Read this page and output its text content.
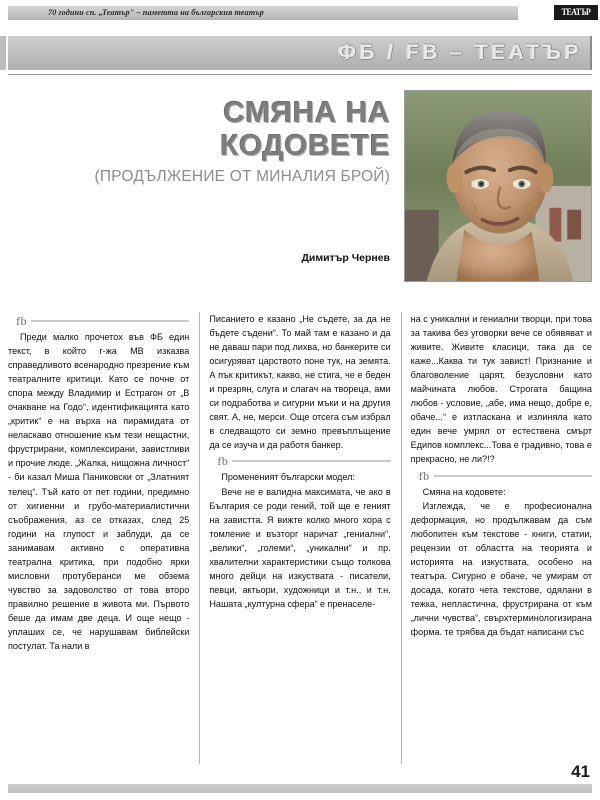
70 години сп. „Театър" – паметта на българския театър	ТЕАТЪР
ФБ / FB – ТЕАТЪР
СМЯНА НА
КОДОВЕТЕ
(ПРОДЪЛЖЕНИЕ ОТ МИНАЛИЯ БРОЙ)
Димитър Чернев
fb

Преди малко прочетох във ФБ един текст, в който г-жа МВ изказва справедливото всенародно презрение към театралните критици. Като се почне от спора между Владимир и Естрагон от „В очакване на Годо“, идентификацията като „критик“ е на върха на пирамидата от неласкаво отношение към тези нещастни, фрустрирани, комплексирани, завистливи и прочие люде. „Жалка, нищожна личност“ - би казал Миша Паниковски от „Златният телец“. Тъй като от пет години, предимно от хигиенни и грубо-материалистични съображения, аз се отказах, след 25 години на глупост и заблуди, да се занимавам активно с оперативна театрална критика, при подобно ярки мисловни протуберанси ме обзема чувство за задоволство от това второ правилно решение в живота ми. Първото беше да имам две деца. И още нещо - уплаших се, че нарушавам библейски постулат. Та нали в

Писанието е казано „Не съдете, за да не бъдете съдени“. То май там е казано и да не даваш пари под лихва, но банкерите си осигуряват царството поне тук, на земята. А пък критикът, какво, не стига, че е беден и презрян, слуга и слагач на твореца, ами си подработва и сигурни мъки и на другия свят. А, не, мерси. Още отсега съм избрал в следващото си земно превъплъщение да се изуча и да работя банкер.

fb

Промененият български модел:

Вече не е валидна максимата, че ако в България се роди гений, той ще е геният на завистта. Я вижте колко много хора с томление и възторг наричат „гениални“, „велики“, „големи“, „уникални“ и пр. хвалителни характеристики също толкова много дейци на изкуствата - писатели, певци, актьори, художници и т.н., и т.н. Нашата „културна сфера“ е пренаселе-

на с уникални и гениални творци, при това за такива без уговорки вече се обявяват и живите. Живите класици, така да се каже...Каква ти тук завист! Признание и благоволение царят, безусловни като майчината любов. Строгата бащина любов - условие, „абе, има нещо, добре е, обаче...“ е изтласкана и излиняла като един вече умрял от естествена смърт Едипов комплекс...Това е градивно, това е прекрасно, не ли?!?

fb

Смяна на кодовете:

Изглежда, че е професионална деформация, но продължавам да съм любопитен към текстове - книги, статии, рецензии от областта на теорията и историята на изкуствата, особено на театъра. Сигурно е обаче, че умирам от досада, когато чета текстове, одялани в тежка, непластична, фрустрирана от към „лични чувства“, свърхтерминологизирана форма. те трябва да бъдат написани със

41
